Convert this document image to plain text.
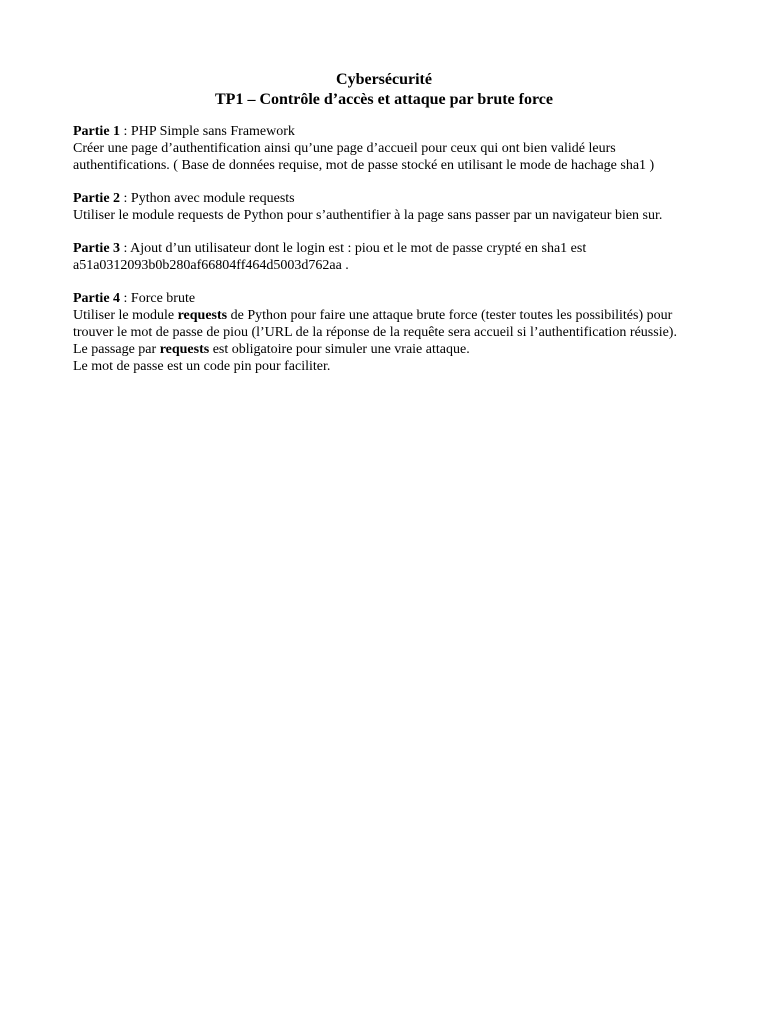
Cybersécurité

TP1 – Contrôle d’accès et attaque par brute force

Partie 1 : PHP Simple sans Framework

Créer une page d’authentification ainsi qu’une page d’accueil pour ceux qui ont bien validé leurs authentifications. ( Base de données requise, mot de passe stocké en utilisant le mode de hachage sha1 )

Partie 2 : Python avec module requests

Utiliser le module requests de Python pour s’authentifier à la page sans passer par un navigateur bien sur.

Partie 3 : Ajout d’un utilisateur dont le login est : piou et le mot de passe crypté en sha1 est a51a0312093b0b280af66804ff464d5003d762aa .

Partie 4 : Force brute

Utiliser le module requests de Python pour faire une attaque brute force (tester toutes les possibilités) pour trouver le mot de passe de piou (l’URL de la réponse de la requête sera accueil si l’authentification réussie). Le passage par requests est obligatoire pour simuler une vraie attaque.

Le mot de passe est un code pin pour faciliter.
